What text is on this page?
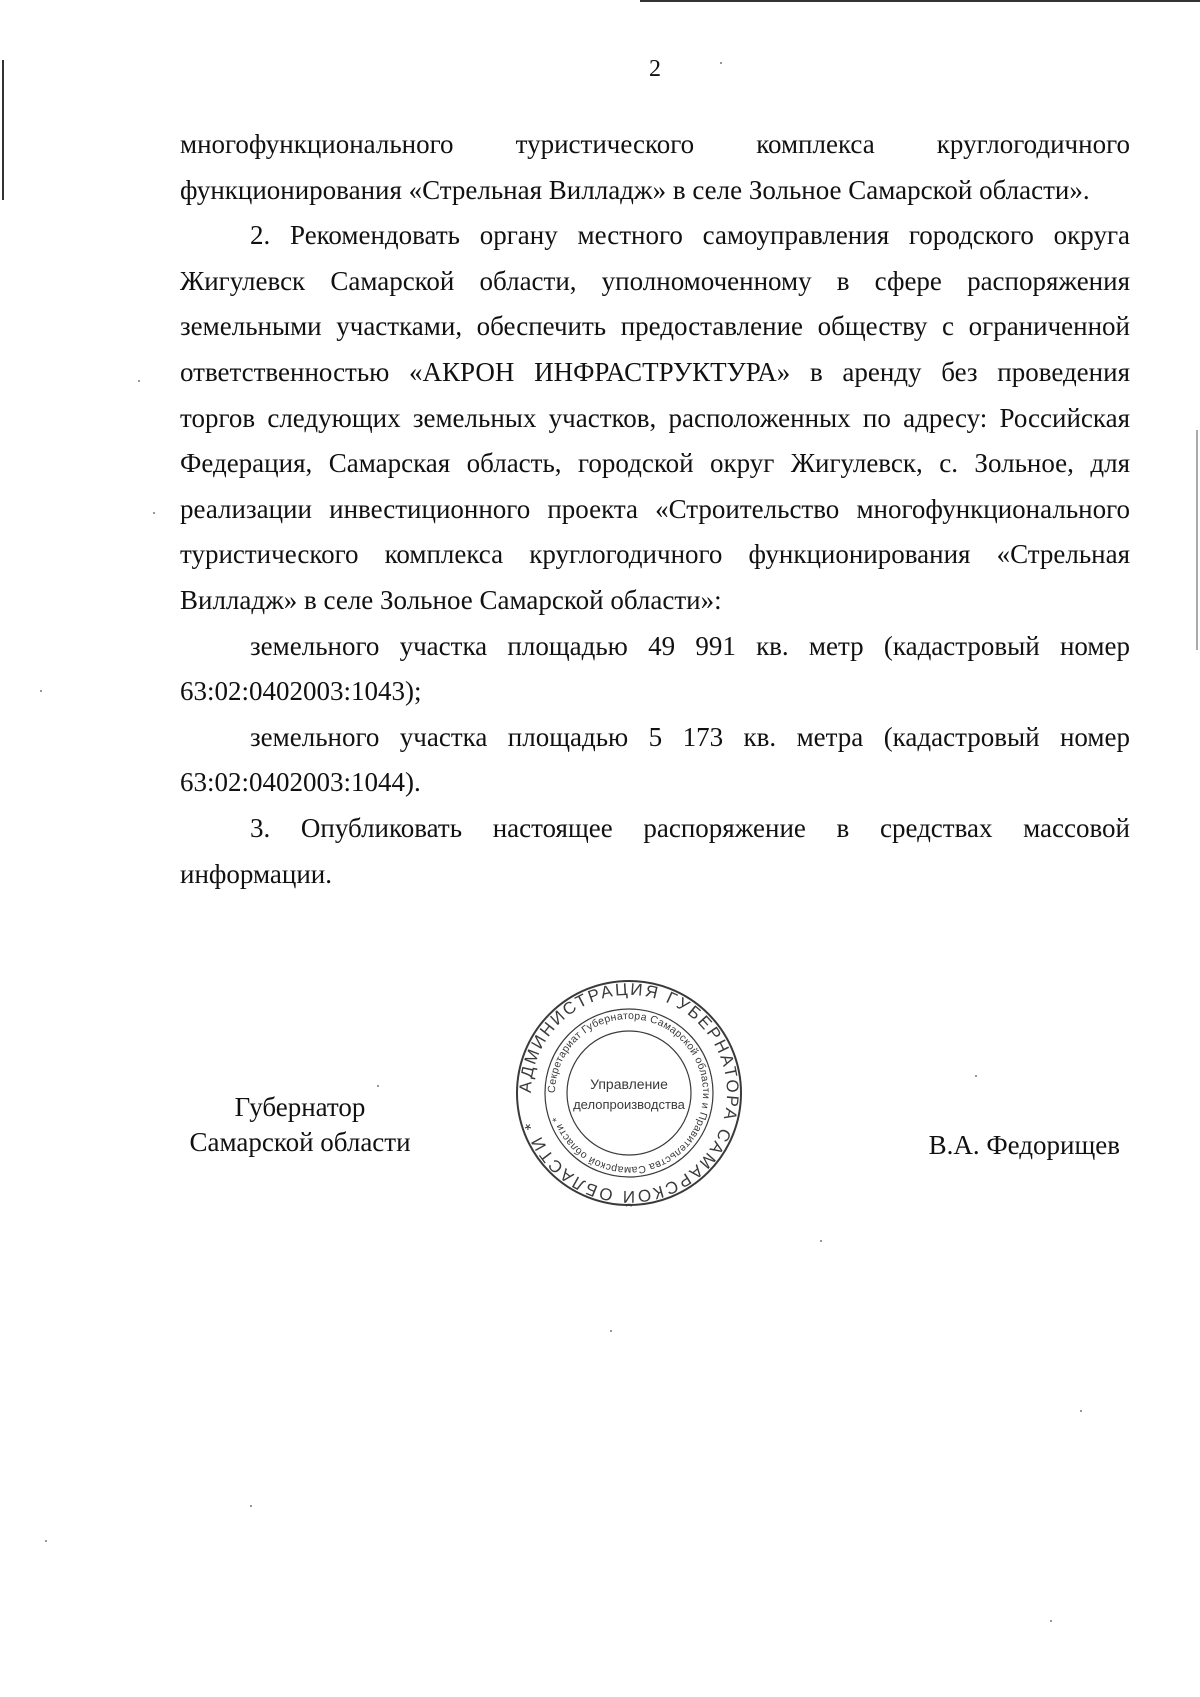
2

многофункционального туристического комплекса круглогодичного функционирования «Стрельная Вилладж» в селе Зольное Самарской области».

2. Рекомендовать органу местного самоуправления городского округа Жигулевск Самарской области, уполномоченному в сфере распоряжения земельными участками, обеспечить предоставление обществу с ограниченной ответственностью «АКРОН ИНФРАСТРУКТУРА» в аренду без проведения торгов следующих земельных участков, расположенных по адресу: Российская Федерация, Самарская область, городской округ Жигулевск, с. Зольное, для реализации инвестиционного проекта «Строительство многофункционального туристического комплекса круглогодичного функционирования «Стрельная Вилладж» в селе Зольное Самарской области»:

земельного участка площадью 49 991 кв. метр (кадастровый номер 63:02:0402003:1043);

земельного участка площадью 5 173 кв. метра (кадастровый номер 63:02:0402003:1044).

3. Опубликовать настоящее распоряжение в средствах массовой информации.

Губернатор
Самарской области
АДМИНИСТРАЦИЯ ГУБЕРНАТОРА САМАРСКОЙ ОБЛАСТИ *
Секретариат Губернатора Самарской области и Правительства Самарской области *
Управление
делопроизводства
В.А. Федорищев
